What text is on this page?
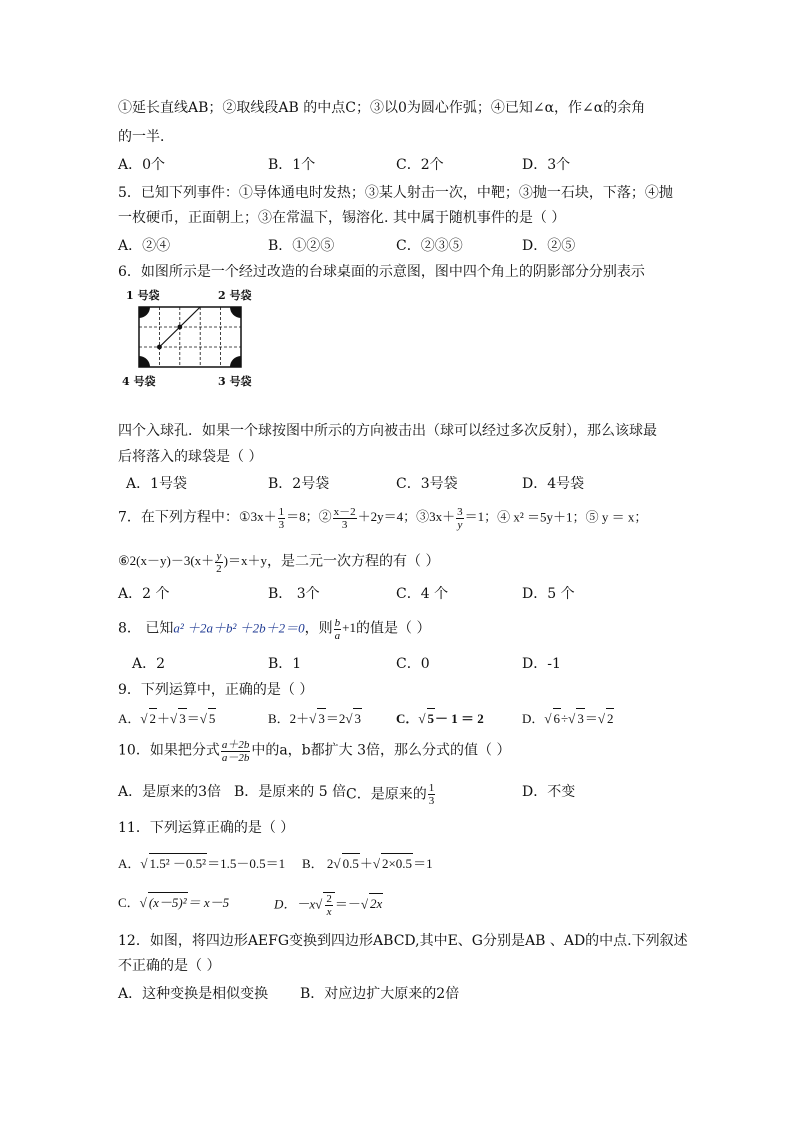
①延长直线AB；②取线段AB 的中点C；③以0为圆心作弧；④已知∠α，作∠α的余角
的一半．
A．0个	B．1个	C．2个	D．3个
5．已知下列事件：①导体通电时发热；③某人射击一次，中靶；③抛一石块，下落；④抛
一枚硬币，正面朝上；③在常温下，锡溶化. 其中属于随机事件的是（ ）
A．②④	B．①②⑤	C．②③⑤	D．②⑤
6．如图所示是一个经过改造的台球桌面的示意图，图中四个角上的阴影部分分别表示
1 号袋	2 号袋
4 号袋	3 号袋
四个入球孔．如果一个球按图中所示的方向被击出（球可以经过多次反射），那么该球最
后将落入的球袋是（ ）
A．1号袋	B．2号袋	C．3号袋	D．4号袋
7．在下列方程中：①3x＋ $\frac{1}{3} =8$；② $\frac{x-2}{3} +2y=4$；③3x＋ $\frac{3}{y} =1$；④ x² ＝5y＋1；⑤ y ＝ x；
⑥2(x－y)－3(x＋ $\frac{y}{2} )=x+y$，是二元一次方程的有（ ）
A．2 个	B． 3个	C．4 个	D．5 个
8． 已知a² ＋2a＋b² ＋2b＋2＝0，则 $\frac{b}{a} +1$的值是（ ）
A．2	B．1	C．0	D．-1
9．下列运算中，正确的是（ ）
A．√ 2＋√ 3＝√ 5	B．2＋√ 3＝2√ 3	C．√ 5－ 1 ＝ 2	D．√ 6÷√ 3＝√ 2
10．如果把分式 $\frac{a+2b}{a-2b}$ 中的a，b都扩大 3倍，那么分式的值（ ）
A．是原来的3倍 B．是原来的 5 倍 C．是原来的 $\frac{1}{3}$	D．不变
11．下列运算正确的是（ ）
A．√ 1.5² －0.5²＝1.5－0.5＝1 B． 2√ 0.5＋√ 2×0.5＝1
C．√ (x－5)²＝ x－5	D．$-x√ \frac{2}{x}$ ＝－√ 2x
12．如图，将四边形AEFG变换到四边形ABCD,其中E、G分别是AB 、AD的中点.下列叙述
不正确的是（ ）
A．这种变换是相似变换 B．对应边扩大原来的2倍
